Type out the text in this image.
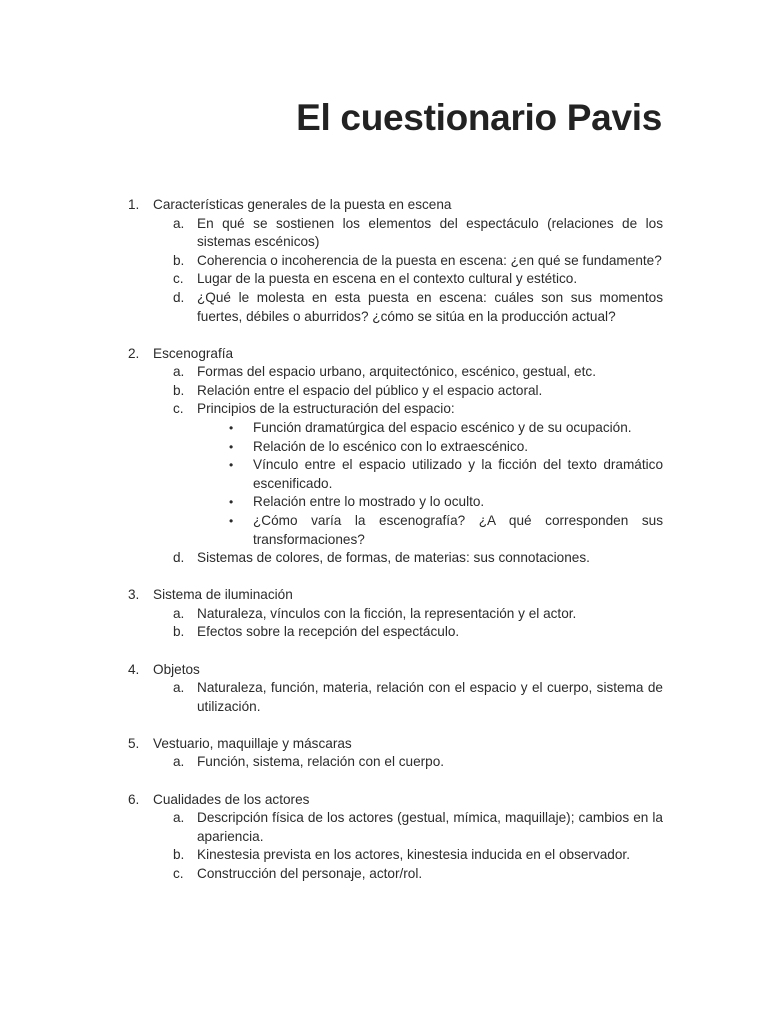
El cuestionario Pavis
1.	Características generales de la puesta en escena
a. En qué se sostienen los elementos del espectáculo (relaciones de los sistemas escénicos)
b. Coherencia o incoherencia de la puesta en escena: ¿en qué se fundamente?
c. Lugar de la puesta en escena en el contexto cultural y estético.
d. ¿Qué le molesta en esta puesta en escena: cuáles son sus momentos fuertes, débiles o aburridos? ¿cómo se sitúa en la producción actual?
2.	Escenografía
a. Formas del espacio urbano, arquitectónico, escénico, gestual, etc.
b. Relación entre el espacio del público y el espacio actoral.
c. Principios de la estructuración del espacio:
•	Función dramatúrgica del espacio escénico y de su ocupación.
•	Relación de lo escénico con lo extraescénico.
•	Vínculo entre el espacio utilizado y la ficción del texto dramático escenificado.
•	Relación entre lo mostrado y lo oculto.
•	¿Cómo varía la escenografía? ¿A qué corresponden sus transformaciones?
d. Sistemas de colores, de formas, de materias: sus connotaciones.
3.	Sistema de iluminación
a. Naturaleza, vínculos con la ficción, la representación y el actor.
b. Efectos sobre la recepción del espectáculo.
4.	Objetos
a. Naturaleza, función, materia, relación con el espacio y el cuerpo, sistema de utilización.
5.	Vestuario, maquillaje y máscaras
a. Función, sistema, relación con el cuerpo.
6.	Cualidades de los actores
a. Descripción física de los actores (gestual, mímica, maquillaje); cambios en la apariencia.
b. Kinestesia prevista en los actores, kinestesia inducida en el observador.
c. Construcción del personaje, actor/rol.
